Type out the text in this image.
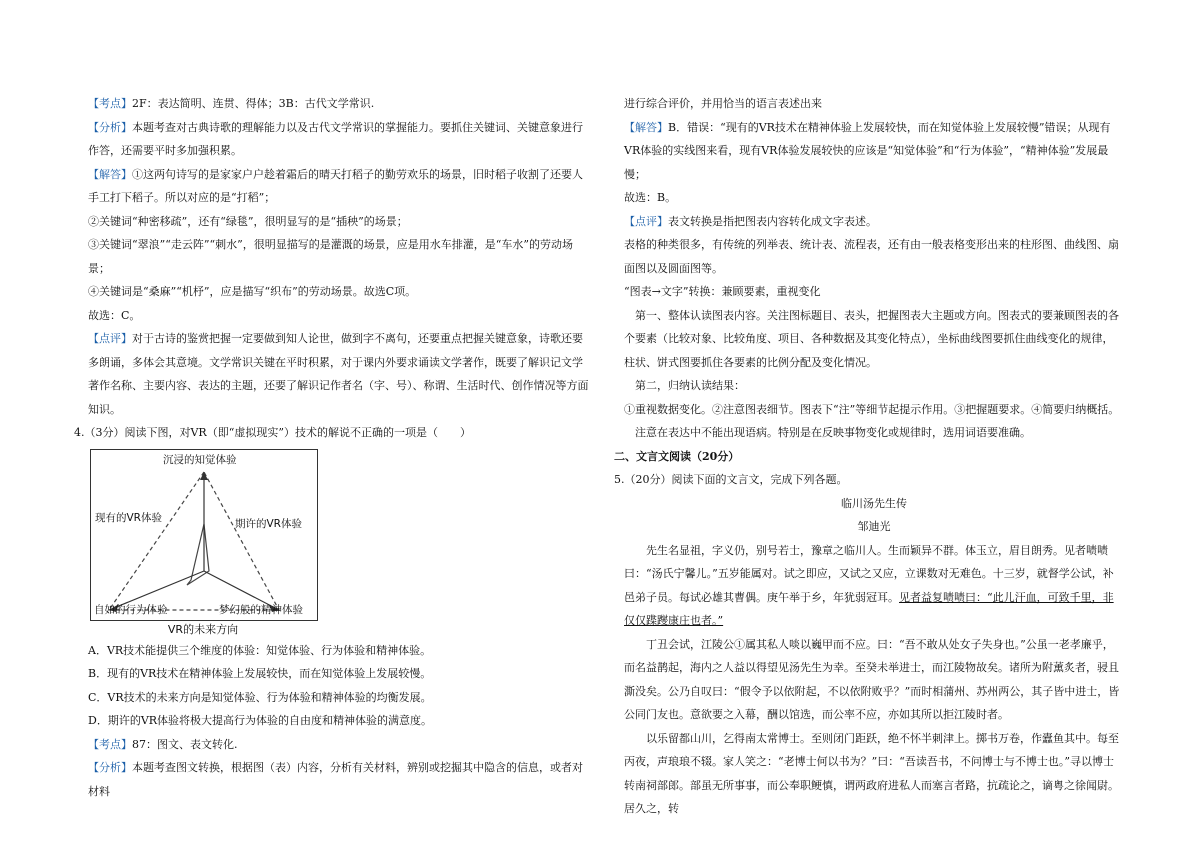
【考点】2F：表达简明、连贯、得体；3B：古代文学常识.

【分析】本题考查对古典诗歌的理解能力以及古代文学常识的掌握能力。要抓住关键词、关键意象进行作答，还需要平时多加强积累。

【解答】①这两句诗写的是家家户户趁着霜后的晴天打稻子的勤劳欢乐的场景，旧时稻子收割了还要人手工打下稻子。所以对应的是“打稻”；

②关键词“种密移疏”，还有“绿毯”，很明显写的是“插秧”的场景；

③关键词“翠浪”“走云阵”“刺水”，很明显描写的是灌溉的场景，应是用水车排灌，是“车水”的劳动场景；

④关键词是“桑麻”“机杼”，应是描写“织布”的劳动场景。故选C项。

故选：C。

【点评】对于古诗的鉴赏把握一定要做到知人论世，做到字不离句，还要重点把握关键意象，诗歌还要多朗诵，多体会其意境。文学常识关键在平时积累，对于课内外要求诵读文学著作，既要了解识记文学著作名称、主要内容、表达的主题，还要了解识记作者名（字、号）、称谓、生活时代、创作情况等方面知识。

4.（3分）阅读下图，对VR（即“虚拟现实”）技术的解说不正确的一项是（　　）

沉浸的知觉体验
现有的VR体验	期许的VR体验
自如的行为体验	梦幻般的精神体验
VR的未来方向

A．VR技术能提供三个维度的体验：知觉体验、行为体验和精神体验。

B．现有的VR技术在精神体验上发展较快，而在知觉体验上发展较慢。

C．VR技术的未来方向是知觉体验、行为体验和精神体验的均衡发展。

D．期许的VR体验将极大提高行为体验的自由度和精神体验的满意度。

【考点】87：图文、表文转化.

【分析】本题考查图文转换，根据图（表）内容，分析有关材料，辨别或挖掘其中隐含的信息，或者对材料

进行综合评价，并用恰当的语言表述出来

【解答】B．错误：“现有的VR技术在精神体验上发展较快，而在知觉体验上发展较慢”错误；从现有VR体验的实线图来看，现有VR体验发展较快的应该是“知觉体验”和“行为体验”，“精神体验”发展最慢；

故选：B。

【点评】表文转换是指把图表内容转化成文字表述。

表格的种类很多，有传统的列举表、统计表、流程表，还有由一般表格变形出来的柱形图、曲线图、扇面图以及圆面图等。

“图表→文字”转换：兼顾要素，重视变化

第一、整体认读图表内容。关注图标题目、表头，把握图表大主题或方向。图表式的要兼顾图表的各个要素（比较对象、比较角度、项目、各种数据及其变化特点），坐标曲线图要抓住曲线变化的规律，柱状、饼式图要抓住各要素的比例分配及变化情况。

第二，归纳认读结果：

①重视数据变化。②注意图表细节。图表下“注”等细节起提示作用。③把握题要求。④简要归纳概括。

注意在表达中不能出现语病。特别是在反映事物变化或规律时，选用词语要准确。

二、文言文阅读（20分）

5.（20分）阅读下面的文言文，完成下列各题。

临川汤先生传

邹迪光

先生名显祖，字义仍，别号若士，豫章之临川人。生而颖异不群。体玉立，眉目朗秀。见者啧啧曰：“汤氏宁馨儿。”五岁能属对。试之即应，又试之又应，立课数对无难色。十三岁，就督学公试，补邑弟子员。每试必雄其曹偶。庚午举于乡，年犹弱冠耳。见者益复啧啧曰：“此儿汗血，可致千里，非仅仅蹀躞康庄也者。”

丁丑会试，江陵公①属其私人啖以巍甲而不应。曰：“吾不敢从处女子失身也。”公虽一老孝廉乎，而名益鹊起，海内之人益以得望见汤先生为幸。至癸未举进士，而江陵物故矣。诸所为附薰炙者，骎且澌没矣。公乃自叹曰：“假令予以依附起，不以依附败乎？”而时相蒲州、苏州两公，其子皆中进士，皆公同门友也。意欲要之入幕，酬以馆选，而公率不应，亦如其所以拒江陵时者。

以乐留都山川，乞得南太常博士。至则闭门距跃，绝不怀半刺津上。掷书万卷，作蠹鱼其中。每至丙夜，声琅琅不辍。家人笑之：“老博士何以书为？”曰：“吾读吾书，不问博士与不博士也。”寻以博士转南祠部郎。部虽无所事事，而公奉职鲠慎，谓两政府进私人而塞言者路，抗疏论之，谪粤之徐闻尉。居久之，转
